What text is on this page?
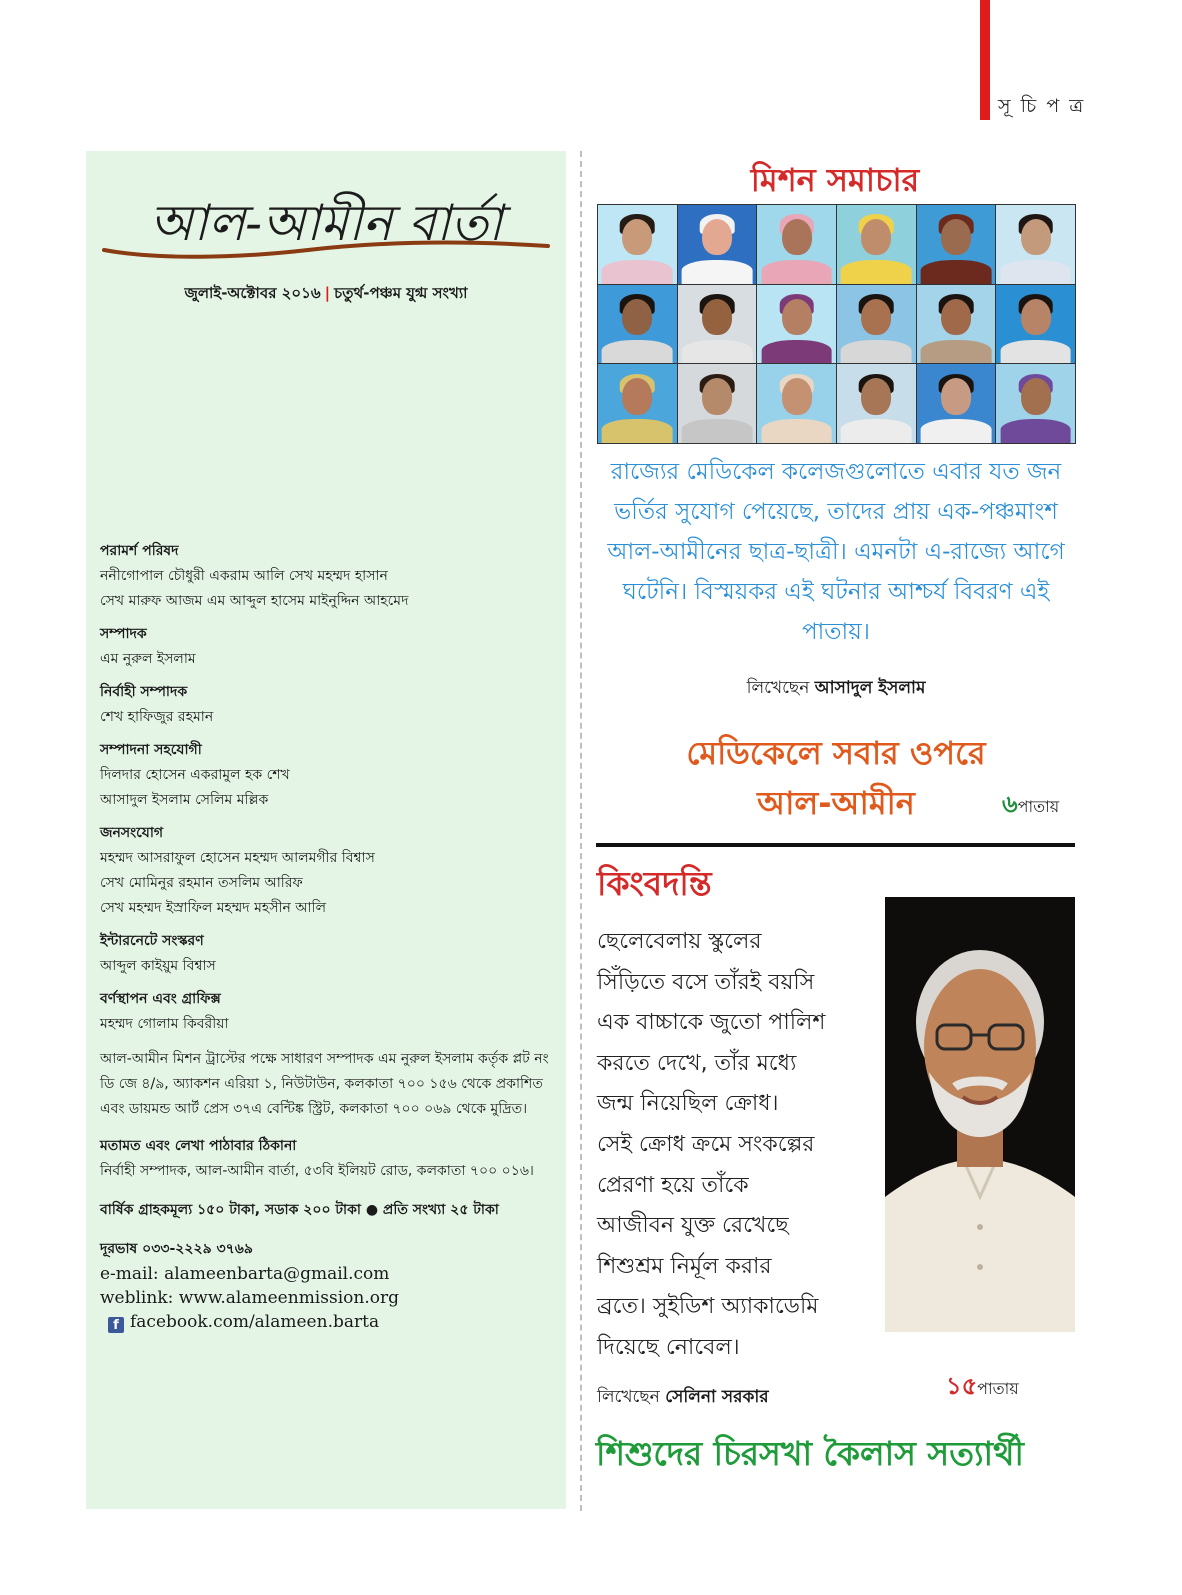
সূ চি প ত্র
আল-আমীন বার্তা
জুলাই-অক্টোবর ২০১৬ | চতুর্থ-পঞ্চম যুগ্ম সংখ্যা
পরামর্শ পরিষদ
ননীগোপাল চৌধুরী একরাম আলি সেখ মহম্মদ হাসান
সেখ মারুফ আজম এম আব্দুল হাসেম মাইনুদ্দিন আহমেদ
সম্পাদক
এম নুরুল ইসলাম
নির্বাহী সম্পাদক
শেখ হাফিজুর রহমান
সম্পাদনা সহযোগী
দিলদার হোসেন একরামুল হক শেখ
আসাদুল ইসলাম সেলিম মল্লিক
জনসংযোগ
মহম্মদ আসরাফুল হোসেন মহম্মদ আলমগীর বিশ্বাস
সেখ মোমিনুর রহমান তসলিম আরিফ
সেখ মহম্মদ ইস্রাফিল মহম্মদ মহসীন আলি
ইন্টারনেটে সংস্করণ
আব্দুল কাইয়ুম বিশ্বাস
বর্ণস্থাপন এবং গ্রাফিক্স
মহম্মদ গোলাম কিবরীয়া
আল-আমীন মিশন ট্রাস্টের পক্ষে সাধারণ সম্পাদক এম নুরুল ইসলাম কর্তৃক প্লট নং ডি জে ৪/৯, অ্যাকশন এরিয়া ১, নিউটাউন, কলকাতা ৭০০ ১৫৬ থেকে প্রকাশিত এবং ডায়মন্ড আর্ট প্রেস ৩৭এ বেন্টিঙ্ক স্ট্রিট, কলকাতা ৭০০ ০৬৯ থেকে মুদ্রিত।
মতামত এবং লেখা পাঠাবার ঠিকানা
নির্বাহী সম্পাদক, আল-আমীন বার্তা, ৫৩বি ইলিয়ট রোড, কলকাতা ৭০০ ০১৬।
বার্ষিক গ্রাহকমূল্য ১৫০ টাকা, সডাক ২০০ টাকা ● প্রতি সংখ্যা ২৫ টাকা
দূরভাষ ০৩৩-২২২৯ ৩৭৬৯
e-mail: alameenbarta@gmail.com
weblink: www.alameenmission.org
f facebook.com/alameen.barta
মিশন সমাচার
রাজ্যের মেডিকেল কলেজগুলোতে এবার যত জন ভর্তির সুযোগ পেয়েছে, তাদের প্রায় এক-পঞ্চমাংশ আল-আমীনের ছাত্র-ছাত্রী। এমনটা এ-রাজ্যে আগে ঘটেনি। বিস্ময়কর এই ঘটনার আশ্চর্য বিবরণ এই পাতায়।
লিখেছেন আসাদুল ইসলাম
মেডিকেলে সবার ওপরে
আল-আমীন	৬পাতায়
কিংবদন্তি
ছেলেবেলায় স্কুলের
সিঁড়িতে বসে তাঁরই বয়সি
এক বাচ্চাকে জুতো পালিশ
করতে দেখে, তাঁর মধ্যে
জন্ম নিয়েছিল ক্রোধ।
সেই ক্রোধ ক্রমে সংকল্পের
প্রেরণা হয়ে তাঁকে
আজীবন যুক্ত রেখেছে
শিশুশ্রম নির্মূল করার
ব্রতে। সুইডিশ অ্যাকাডেমি
দিয়েছে নোবেল।
১৫পাতায়
লিখেছেন সেলিনা সরকার
শিশুদের চিরসখা কৈলাস সত্যার্থী
